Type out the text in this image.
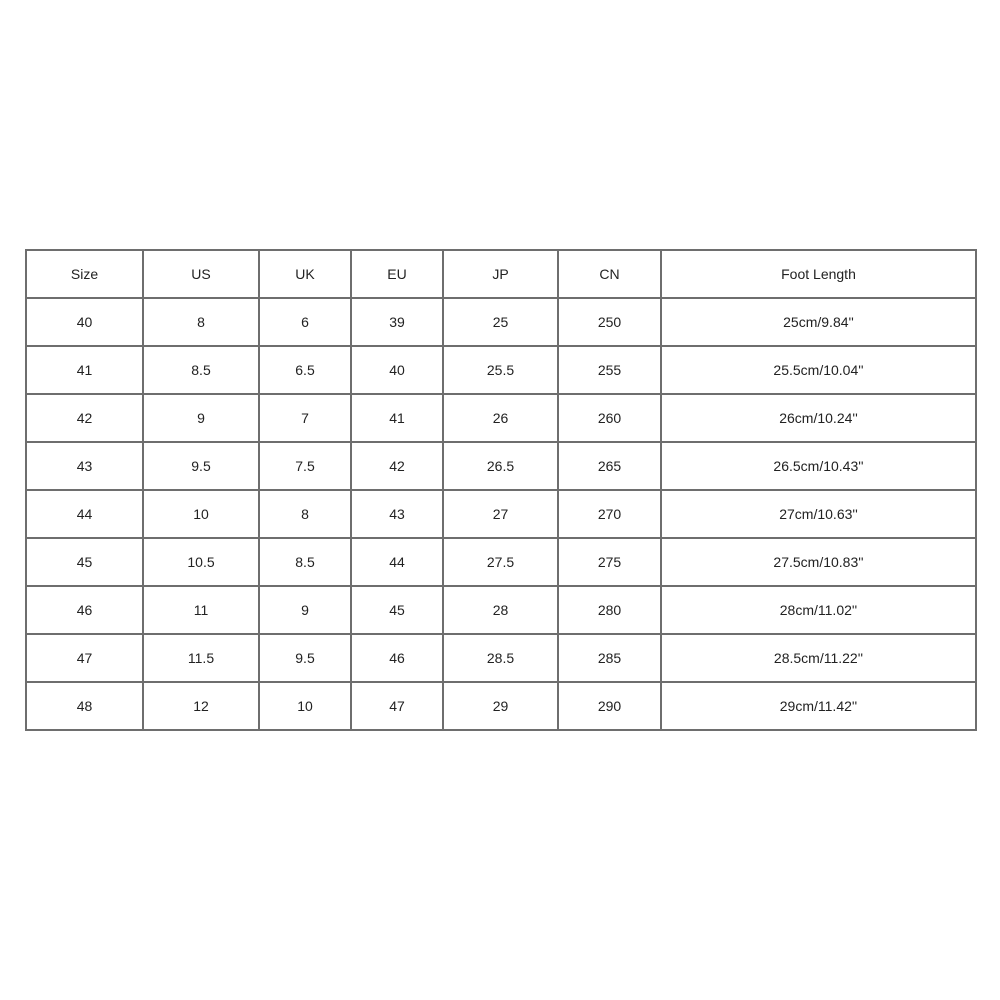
Size	US	UK	EU	JP	CN	Foot Length
40	8	6	39	25	250	25cm/9.84''
41	8.5	6.5	40	25.5	255	25.5cm/10.04''
42	9	7	41	26	260	26cm/10.24''
43	9.5	7.5	42	26.5	265	26.5cm/10.43''
44	10	8	43	27	270	27cm/10.63''
45	10.5	8.5	44	27.5	275	27.5cm/10.83''
46	11	9	45	28	280	28cm/11.02''
47	11.5	9.5	46	28.5	285	28.5cm/11.22''
48	12	10	47	29	290	29cm/11.42''
